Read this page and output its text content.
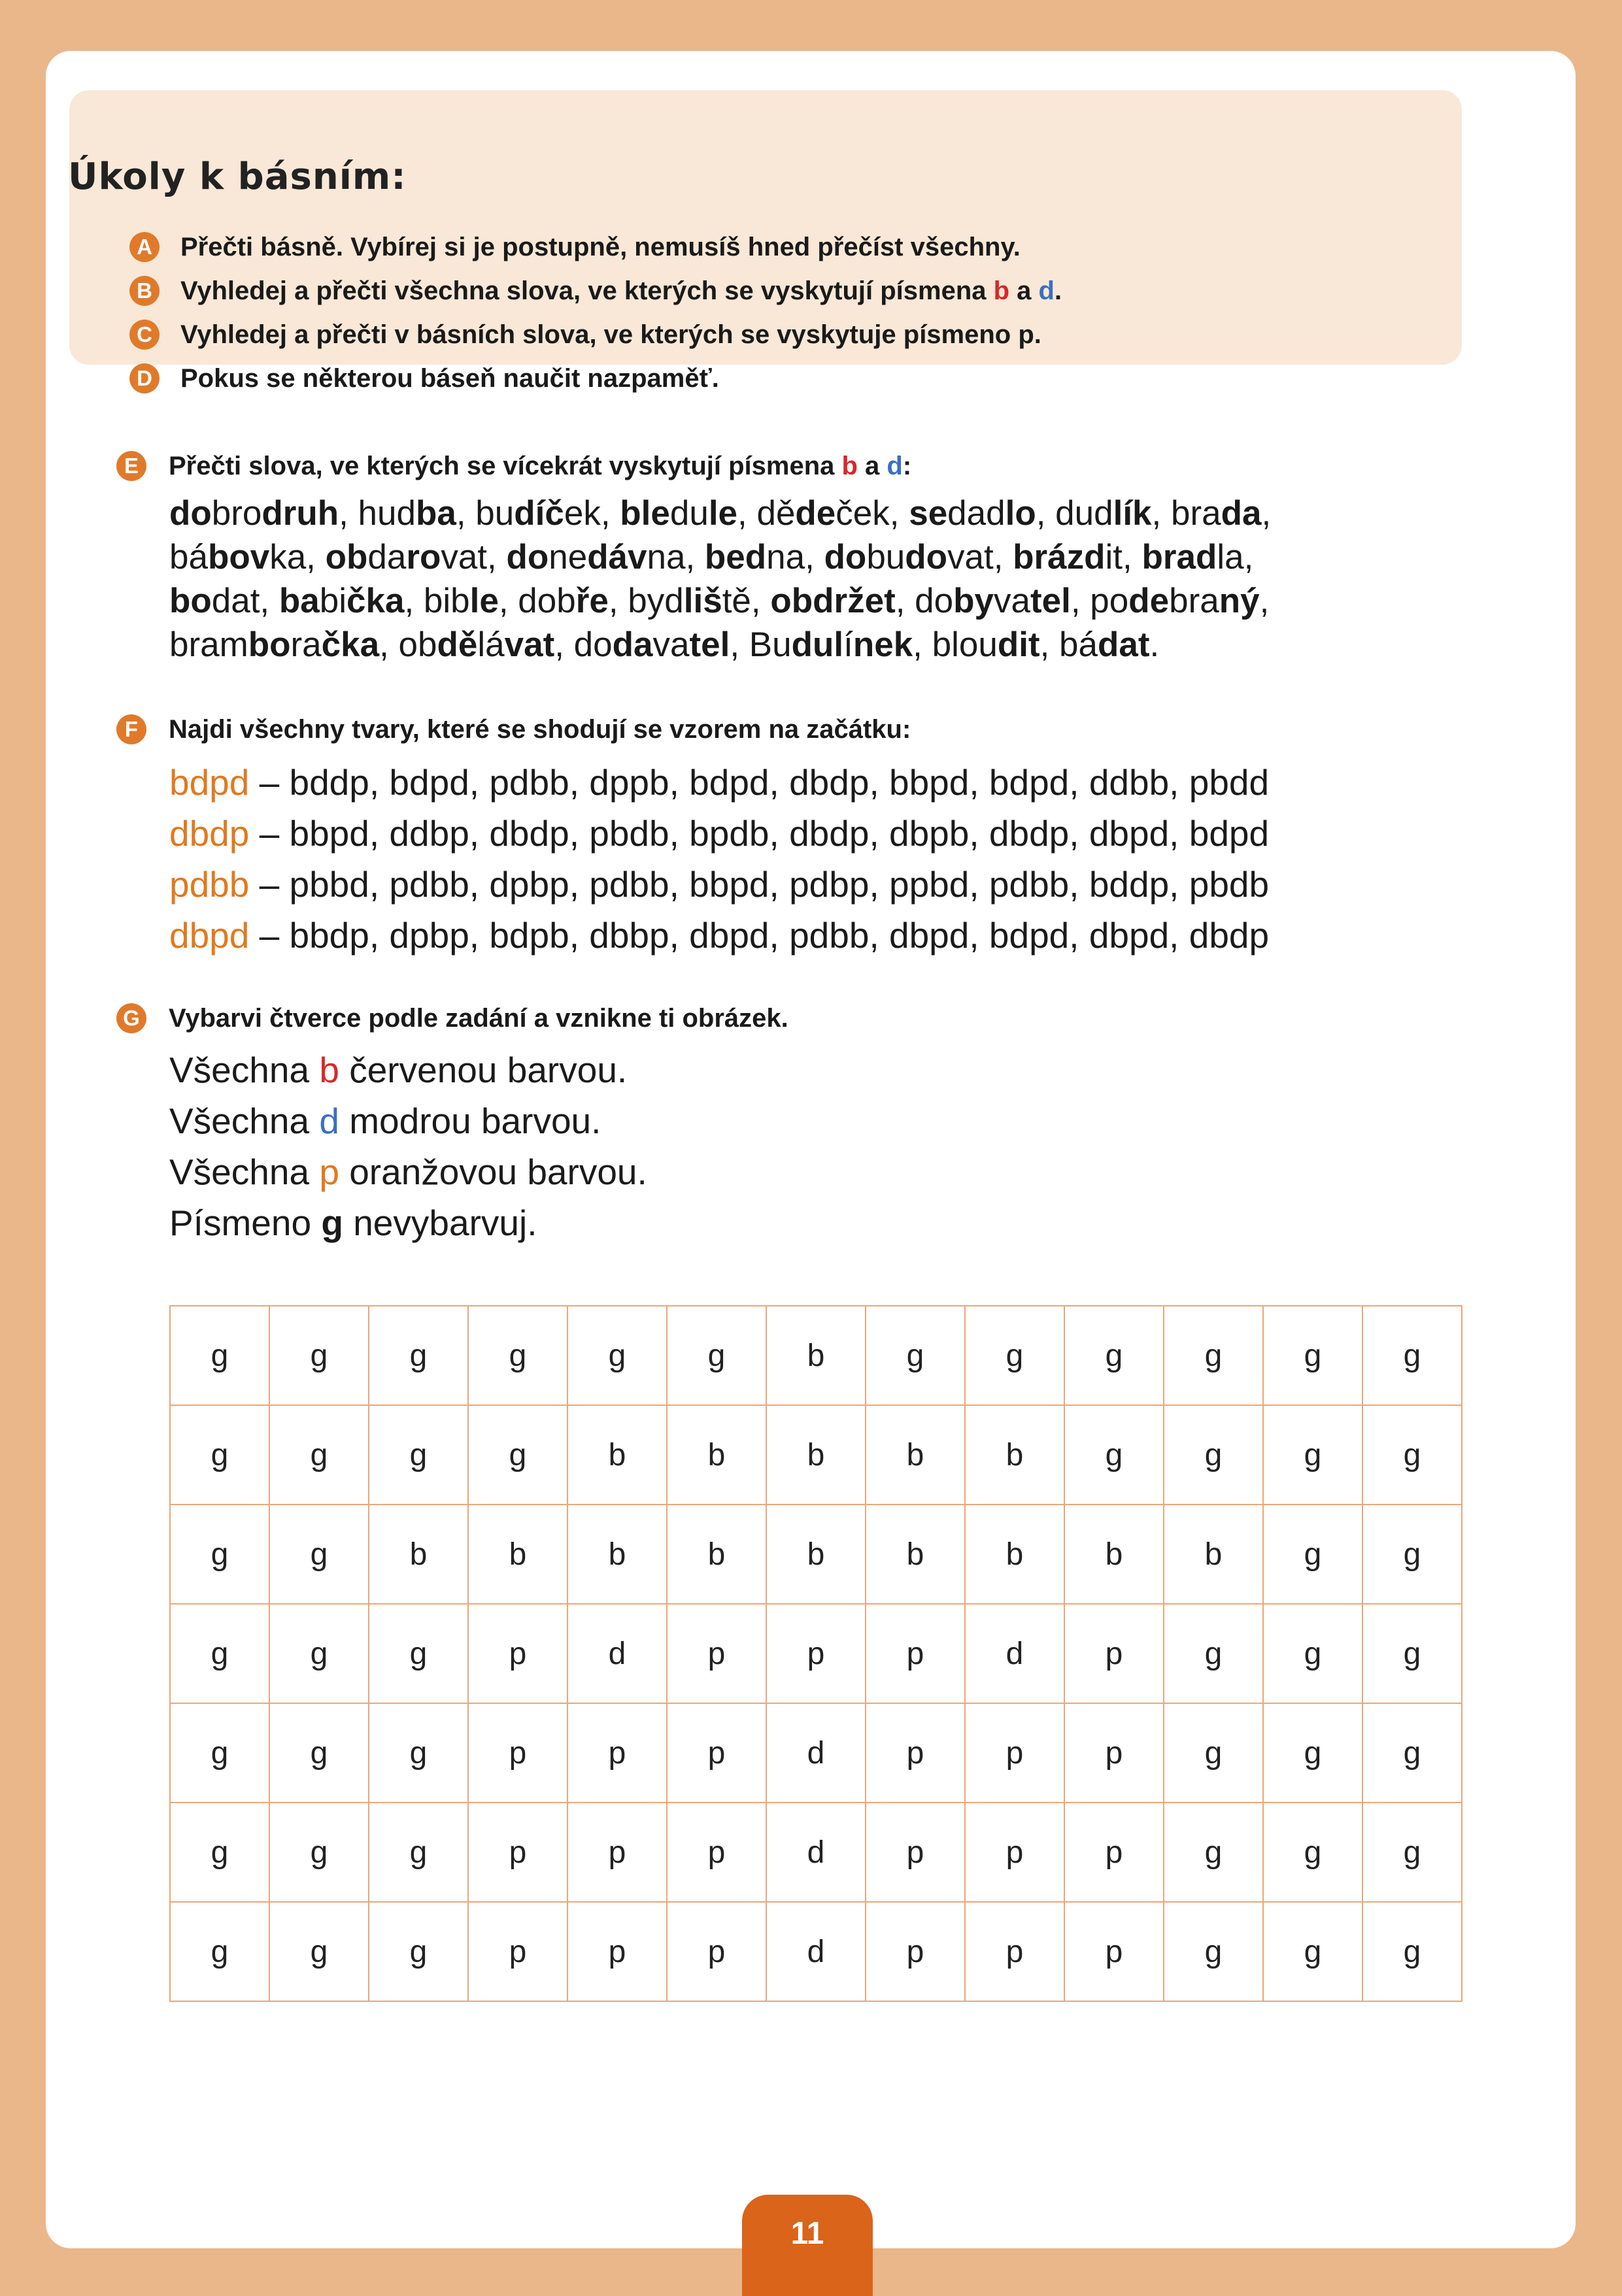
Úkoly k básním:
A Přečti básně. Vybírej si je postupně, nemusíš hned přečíst všechny.
B Vyhledej a přečti všechna slova, ve kterých se vyskytují písmena b a d.
C Vyhledej a přečti v básních slova, ve kterých se vyskytuje písmeno p.
D Pokus se některou báseň naučit nazpaměť.
E	Přečti slova, ve kterých se vícekrát vyskytují písmena b a d:
dobrodruh, hudba, budíček, bledule, dědeček, sedadlo, dudlík, brada,
bábovka, obdarovat, donedávna, bedna, dobudovat, brázdit, bradla,
bodat, babička, bible, dobře, bydliště, obdržet, dobyvatel, podebraný,
bramboračka, obdělávat, dodavatel, Budulínek, bloudit, bádat.
F	Najdi všechny tvary, které se shodují se vzorem na začátku:
bdpd – bddp, bdpd, pdbb, dppb, bdpd, dbdp, bbpd, bdpd, ddbb, pbdd
dbdp – bbpd, ddbp, dbdp, pbdb, bpdb, dbdp, dbpb, dbdp, dbpd, bdpd
pdbb – pbbd, pdbb, dpbp, pdbb, bbpd, pdbp, ppbd, pdbb, bddp, pbdb
dbpd – bbdp, dpbp, bdpb, dbbp, dbpd, pdbb, dbpd, bdpd, dbpd, dbdp
G Vybarvi čtverce podle zadání a vznikne ti obrázek.
Všechna b červenou barvou.
Všechna d modrou barvou.
Všechna p oranžovou barvou.
Písmeno g nevybarvuj.
g	g	g	g	g	g	b	g	g	g	g	g	g
g	g	g	g	b	b	b	b	b	g	g	g	g
g	g	b	b	b	b	b	b	b	b	b	g	g
g	g	g	p	d	p	p	p	d	p	g	g	g
g	g	g	p	p	p	d	p	p	p	g	g	g
g	g	g	p	p	p	d	p	p	p	g	g	g
g	g	g	p	p	p	d	p	p	p	g	g	g
11
